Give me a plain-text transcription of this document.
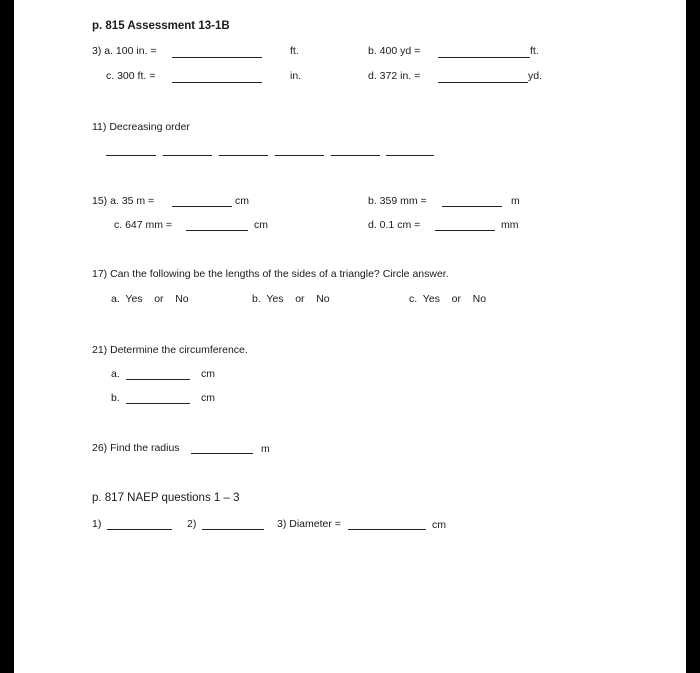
p. 815 Assessment 13-1B
3) a. 100 in. =	ft.	b. 400 yd =	ft.
c. 300 ft. =	in.	d. 372 in. =	yd.
11) Decreasing order
15) a. 35 m =	cm	b. 359 mm =	m
c. 647 mm =	cm	d. 0.1 cm =	mm
17) Can the following be the lengths of the sides of a triangle? Circle answer.
a.  Yes    or    No	b.  Yes    or    No	c.  Yes    or    No
21) Determine the circumference.
a.	cm
b.	cm
26) Find the radius	m
p. 817 NAEP questions 1 – 3
1)	2)	3) Diameter =	cm
